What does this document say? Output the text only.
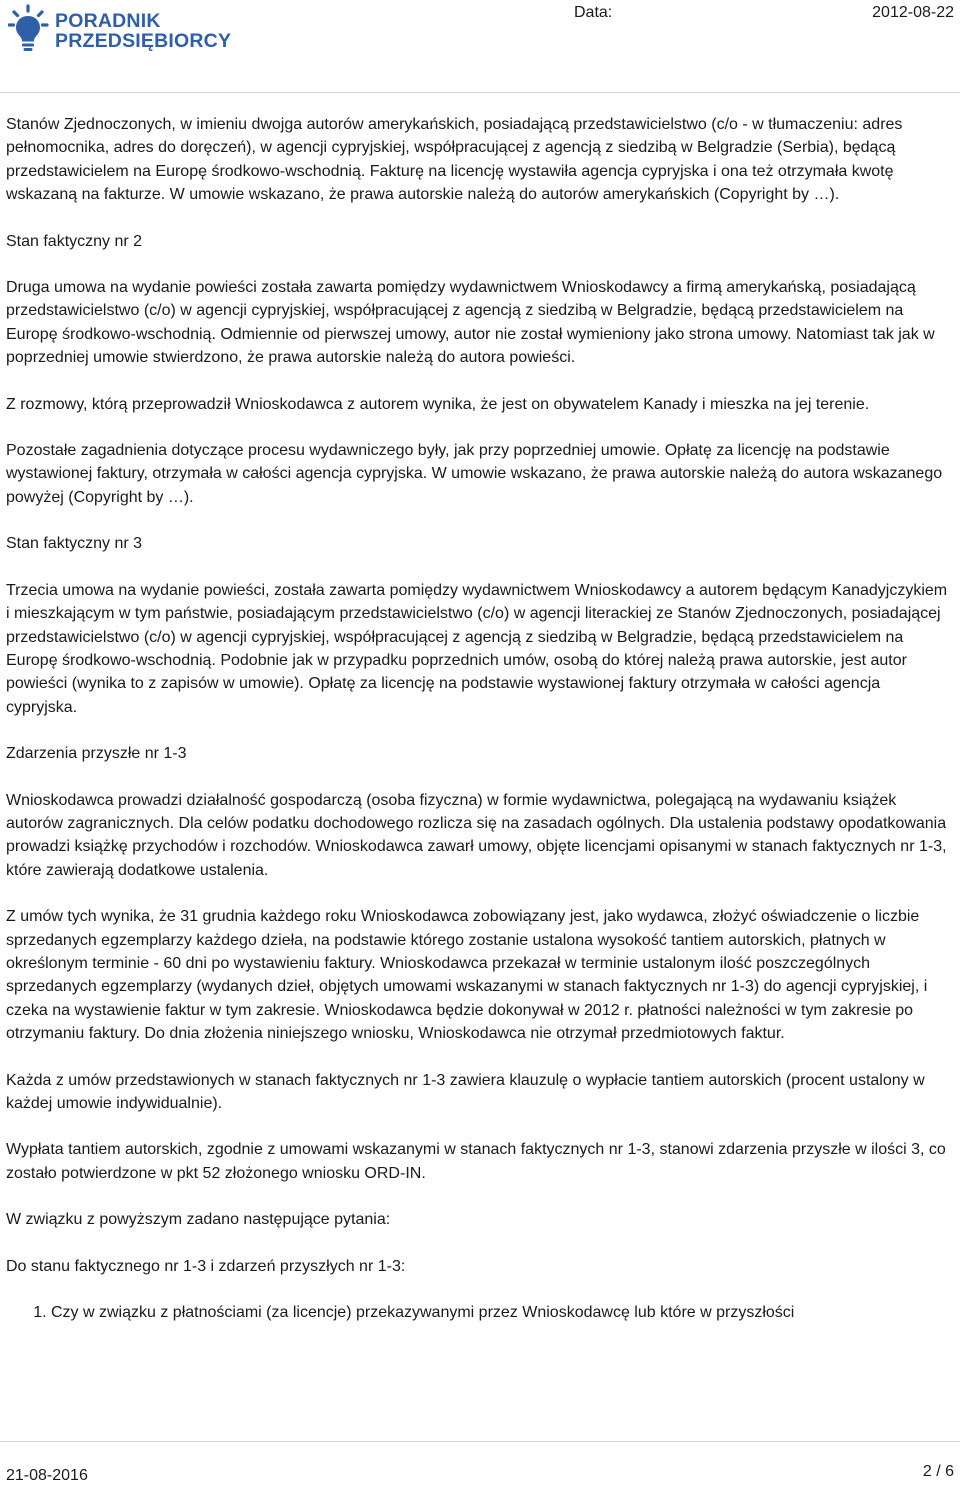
PORADNIK
PRZEDSIĘBIORCY
Data:	2012-08-22

Stanów Zjednoczonych, w imieniu dwojga autorów amerykańskich, posiadającą przedstawicielstwo (c/o - w tłumaczeniu: adres pełnomocnika, adres do doręczeń), w agencji cypryjskiej, współpracującej z agencją z siedzibą w Belgradzie (Serbia), będącą przedstawicielem na Europę środkowo-wschodnią. Fakturę na licencję wystawiła agencja cypryjska i ona też otrzymała kwotę wskazaną na fakturze. W umowie wskazano, że prawa autorskie należą do autorów amerykańskich (Copyright by …).

Stan faktyczny nr 2

Druga umowa na wydanie powieści została zawarta pomiędzy wydawnictwem Wnioskodawcy a firmą amerykańską, posiadającą przedstawicielstwo (c/o) w agencji cypryjskiej, współpracującej z agencją z siedzibą w Belgradzie, będącą przedstawicielem na Europę środkowo-wschodnią. Odmiennie od pierwszej umowy, autor nie został wymieniony jako strona umowy. Natomiast tak jak w poprzedniej umowie stwierdzono, że prawa autorskie należą do autora powieści.

Z rozmowy, którą przeprowadził Wnioskodawca z autorem wynika, że jest on obywatelem Kanady i mieszka na jej terenie.

Pozostałe zagadnienia dotyczące procesu wydawniczego były, jak przy poprzedniej umowie. Opłatę za licencję na podstawie wystawionej faktury, otrzymała w całości agencja cypryjska. W umowie wskazano, że prawa autorskie należą do autora wskazanego powyżej (Copyright by …).

Stan faktyczny nr 3

Trzecia umowa na wydanie powieści, została zawarta pomiędzy wydawnictwem Wnioskodawcy a autorem będącym Kanadyjczykiem i mieszkającym w tym państwie, posiadającym przedstawicielstwo (c/o) w agencji literackiej ze Stanów Zjednoczonych, posiadającej przedstawicielstwo (c/o) w agencji cypryjskiej, współpracującej z agencją z siedzibą w Belgradzie, będącą przedstawicielem na Europę środkowo-wschodnią. Podobnie jak w przypadku poprzednich umów, osobą do której należą prawa autorskie, jest autor powieści (wynika to z zapisów w umowie). Opłatę za licencję na podstawie wystawionej faktury otrzymała w całości agencja cypryjska.

Zdarzenia przyszłe nr 1-3

Wnioskodawca prowadzi działalność gospodarczą (osoba fizyczna) w formie wydawnictwa, polegającą na wydawaniu książek autorów zagranicznych. Dla celów podatku dochodowego rozlicza się na zasadach ogólnych. Dla ustalenia podstawy opodatkowania prowadzi książkę przychodów i rozchodów. Wnioskodawca zawarł umowy, objęte licencjami opisanymi w stanach faktycznych nr 1-3, które zawierają dodatkowe ustalenia.

Z umów tych wynika, że 31 grudnia każdego roku Wnioskodawca zobowiązany jest, jako wydawca, złożyć oświadczenie o liczbie sprzedanych egzemplarzy każdego dzieła, na podstawie którego zostanie ustalona wysokość tantiem autorskich, płatnych w określonym terminie - 60 dni po wystawieniu faktury. Wnioskodawca przekazał w terminie ustalonym ilość poszczególnych sprzedanych egzemplarzy (wydanych dzieł, objętych umowami wskazanymi w stanach faktycznych nr 1-3) do agencji cypryjskiej, i czeka na wystawienie faktur w tym zakresie. Wnioskodawca będzie dokonywał w 2012 r. płatności należności w tym zakresie po otrzymaniu faktury. Do dnia złożenia niniejszego wniosku, Wnioskodawca nie otrzymał przedmiotowych faktur.

Każda z umów przedstawionych w stanach faktycznych nr 1-3 zawiera klauzulę o wypłacie tantiem autorskich (procent ustalony w każdej umowie indywidualnie).

Wypłata tantiem autorskich, zgodnie z umowami wskazanymi w stanach faktycznych nr 1-3, stanowi zdarzenia przyszłe w ilości 3, co zostało potwierdzone w pkt 52 złożonego wniosku ORD-IN.

W związku z powyższym zadano następujące pytania:

Do stanu faktycznego nr 1-3 i zdarzeń przyszłych nr 1-3:

1. Czy w związku z płatnościami (za licencje) przekazywanymi przez Wnioskodawcę lub które w przyszłości
21-08-2016	2 / 6
